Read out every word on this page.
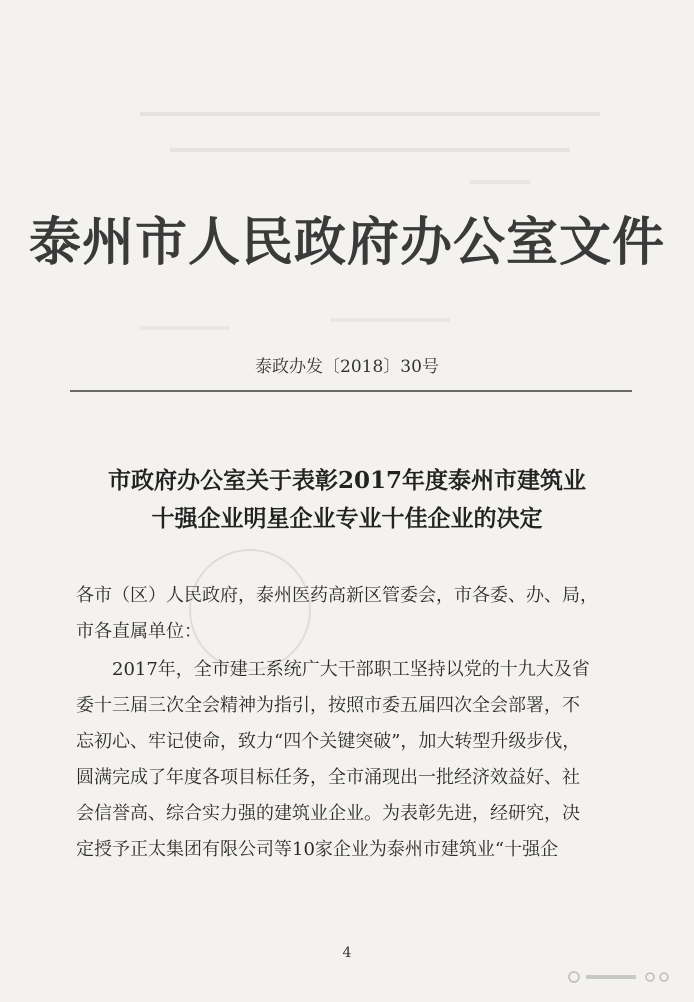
泰州市人民政府办公室文件
泰政办发〔2018〕30号
市政府办公室关于表彰2017年度泰州市建筑业
十强企业明星企业专业十佳企业的决定
各市（区）人民政府，泰州医药高新区管委会，市各委、办、局，
市各直属单位：
2017年，全市建工系统广大干部职工坚持以党的十九大及省
委十三届三次全会精神为指引，按照市委五届四次全会部署，不
忘初心、牢记使命，致力“四个关键突破”，加大转型升级步伐，
圆满完成了年度各项目标任务，全市涌现出一批经济效益好、社
会信誉高、综合实力强的建筑业企业。为表彰先进，经研究，决
定授予正太集团有限公司等10家企业为泰州市建筑业“十强企
4
